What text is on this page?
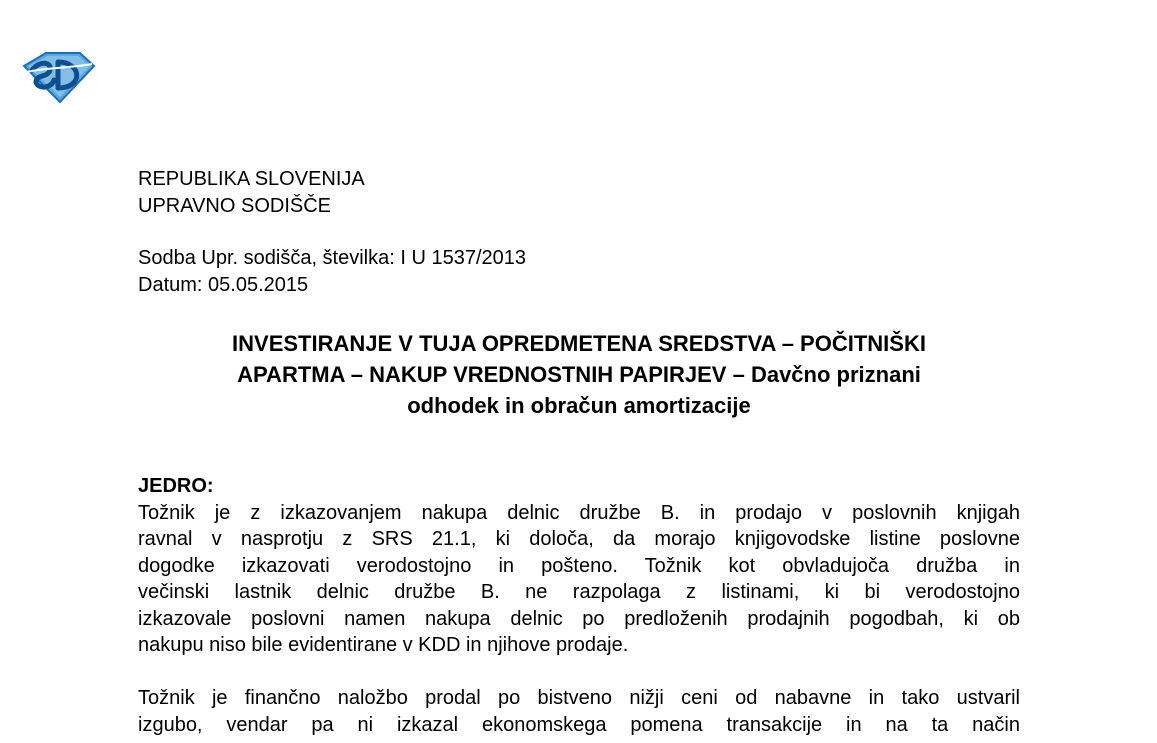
REPUBLIKA SLOVENIJA
UPRAVNO SODIŠČE
Sodba Upr. sodišča, številka: I U 1537/2013
Datum: 05.05.2015
INVESTIRANJE V TUJA OPREDMETENA SREDSTVA – POČITNIŠKI
APARTMA – NAKUP VREDNOSTNIH PAPIRJEV – Davčno priznani
odhodek in obračun amortizacije
JEDRO:
Tožnik je z izkazovanjem nakupa delnic družbe B. in prodajo v poslovnih knjigah
ravnal v nasprotju z SRS 21.1, ki določa, da morajo knjigovodske listine poslovne
dogodke izkazovati verodostojno in pošteno. Tožnik kot obvladujoča družba in
večinski lastnik delnic družbe B. ne razpolaga z listinami, ki bi verodostojno
izkazovale poslovni namen nakupa delnic po predloženih prodajnih pogodbah, ki ob
nakupu niso bile evidentirane v KDD in njihove prodaje.
Tožnik je finančno naložbo prodal po bistveno nižji ceni od nabavne in tako ustvaril
izgubo, vendar pa ni izkazal ekonomskega pomena transakcije in na ta način
